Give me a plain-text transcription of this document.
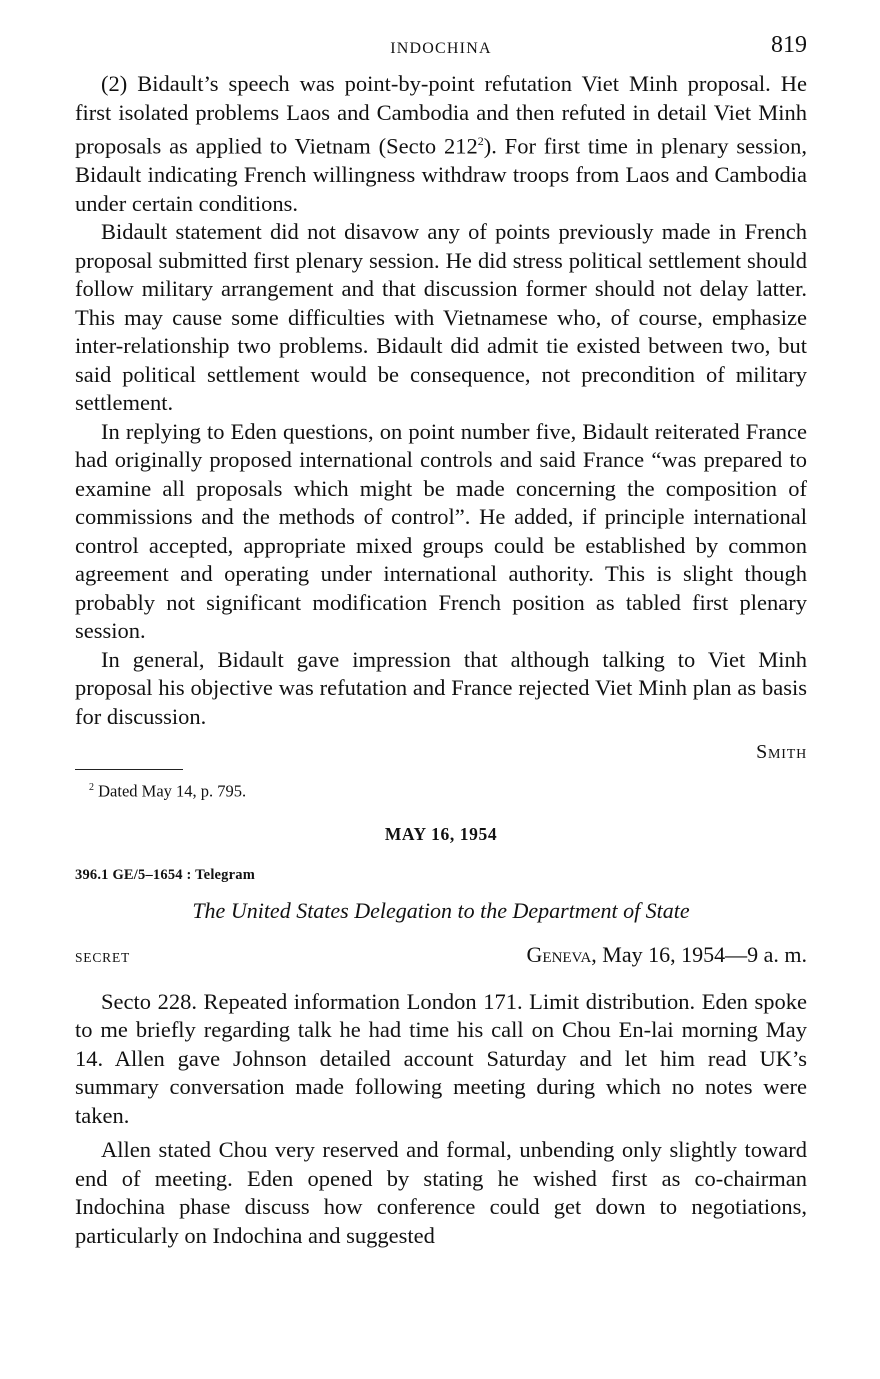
INDOCHINA	819

(2) Bidault’s speech was point-by-point refutation Viet Minh proposal. He first isolated problems Laos and Cambodia and then refuted in detail Viet Minh proposals as applied to Vietnam (Secto $212^2$). For first time in plenary session, Bidault indicating French willingness withdraw troops from Laos and Cambodia under certain conditions.

Bidault statement did not disavow any of points previously made in French proposal submitted first plenary session. He did stress political settlement should follow military arrangement and that discussion former should not delay latter. This may cause some difficulties with Vietnamese who, of course, emphasize inter-relationship two problems. Bidault did admit tie existed between two, but said political settlement would be consequence, not precondition of military settlement.

In replying to Eden questions, on point number five, Bidault reiterated France had originally proposed international controls and said France “was prepared to examine all proposals which might be made concerning the composition of commissions and the methods of control”. He added, if principle international control accepted, appropriate mixed groups could be established by common agreement and operating under international authority. This is slight though probably not significant modification French position as tabled first plenary session.

In general, Bidault gave impression that although talking to Viet Minh proposal his objective was refutation and France rejected Viet Minh plan as basis for discussion.

Smith
$^2$ Dated May 14, p. 795.
MAY 16, 1954
396.1 GE/5–1654 : Telegram
The United States Delegation to the Department of State
SECRET	Geneva, May 16, 1954—9 a. m.

Secto 228. Repeated information London 171. Limit distribution. Eden spoke to me briefly regarding talk he had time his call on Chou En-lai morning May 14. Allen gave Johnson detailed account Saturday and let him read UK’s summary conversation made following meeting during which no notes were taken.

Allen stated Chou very reserved and formal, unbending only slightly toward end of meeting. Eden opened by stating he wished first as co-chairman Indochina phase discuss how conference could get down to negotiations, particularly on Indochina and suggested
